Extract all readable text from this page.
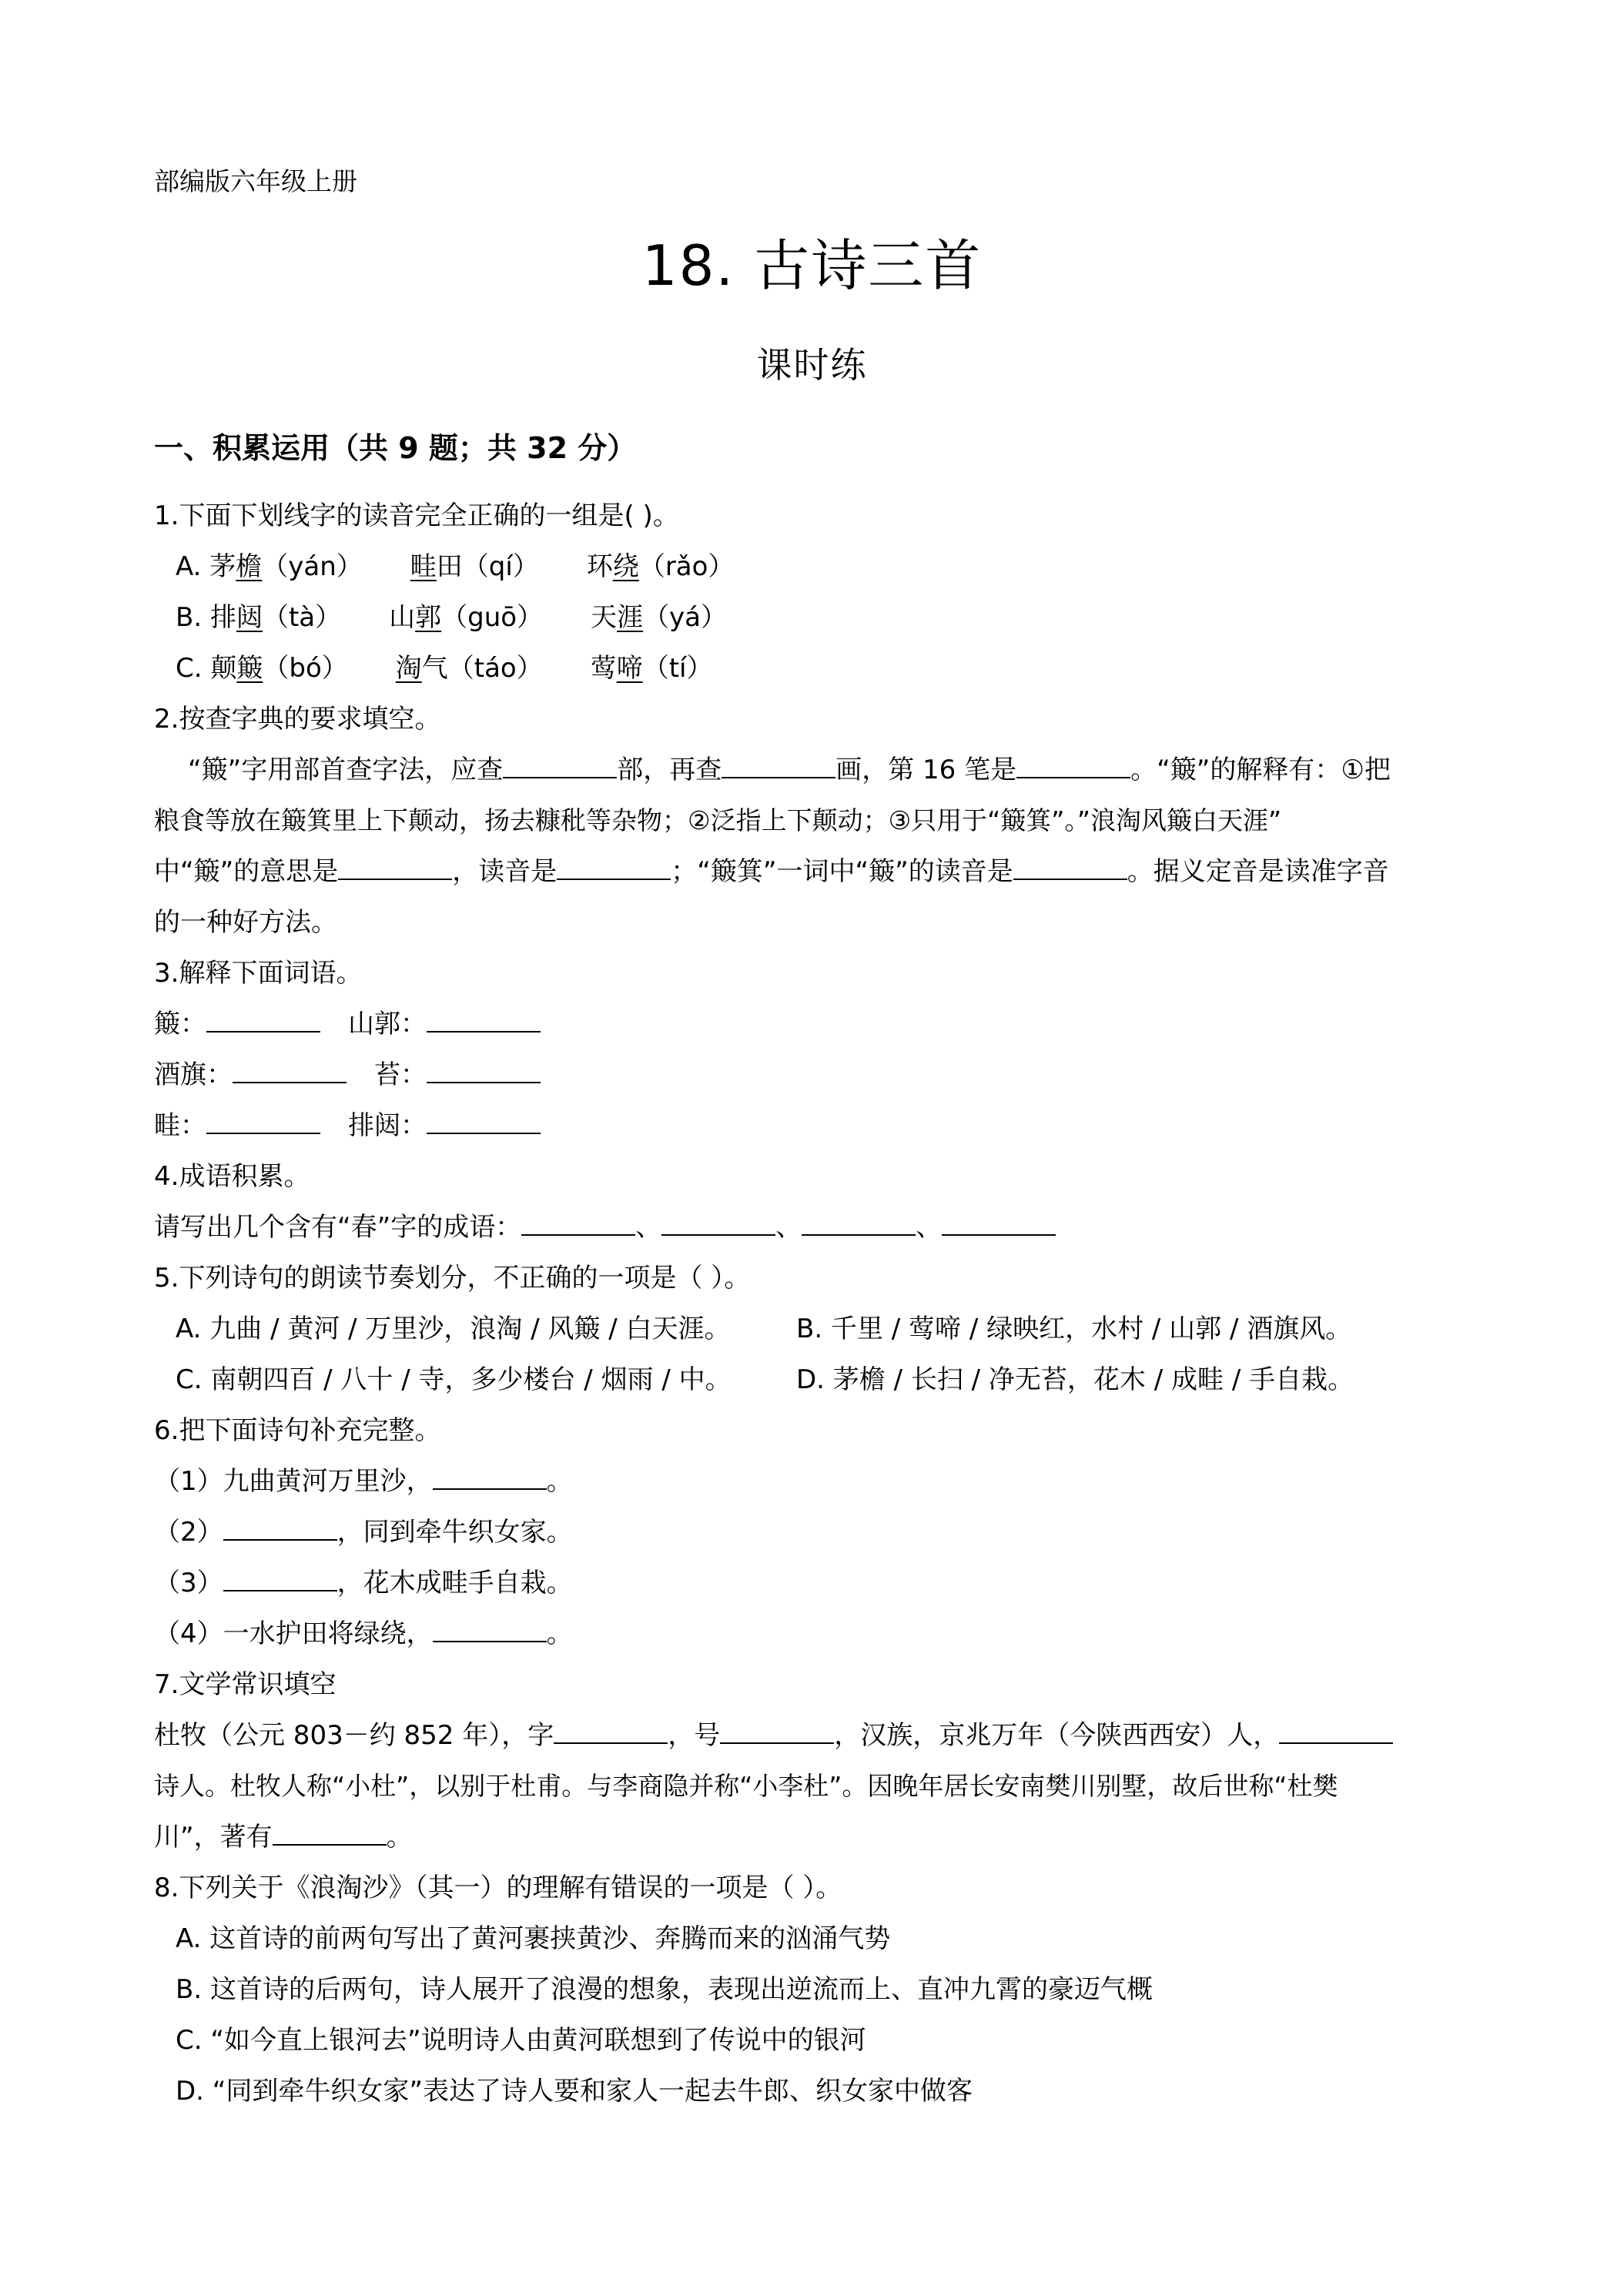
部编版六年级上册

18. 古诗三首

课时练

一、积累运用（共 9 题；共 32 分）

1.下面下划线字的读音完全正确的一组是( )。

A. 茅檐（yán） 畦田（qí） 环绕（rǎo）

B. 排闼（tà） 山郭（guō） 天涯（yá）

C. 颠簸（bó） 淘气（táo） 莺啼（tí）

2.按查字典的要求填空。

“簸”字用部首查字法，应查	部，再查	画，第 16 笔是	。“簸”的解释有：①把

粮食等放在簸箕里上下颠动，扬去糠秕等杂物；②泛指上下颠动；③只用于“簸箕”。”浪淘风簸白天涯”

中“簸”的意思是	，读音是	；“簸箕”一词中“簸”的读音是	。据义定音是读准字音

的一种好方法。

3.解释下面词语。

簸：	山郭：

酒旗：	苔：

畦：	排闼：

4.成语积累。

请写出几个含有“春”字的成语：	、	、	、

5.下列诗句的朗读节奏划分，不正确的一项是（ ）。

A. 九曲 / 黄河 / 万里沙，浪淘 / 风簸 / 白天涯。	B. 千里 / 莺啼 / 绿映红，水村 / 山郭 / 酒旗风。

C. 南朝四百 / 八十 / 寺，多少楼台 / 烟雨 / 中。 D. 茅檐 / 长扫 / 净无苔，花木 / 成畦 / 手自栽。

6.把下面诗句补充完整。

（1）九曲黄河万里沙，	。

（2）	，同到牵牛织女家。

（3）	，花木成畦手自栽。

（4）一水护田将绿绕，	。

7.文学常识填空

杜牧（公元 803－约 852 年），字	，号	，汉族，京兆万年（今陕西西安）人，

诗人。杜牧人称“小杜”，以别于杜甫。与李商隐并称“小李杜”。因晚年居长安南樊川别墅，故后世称“杜樊

川”，著有	。

8.下列关于《浪淘沙》（其一）的理解有错误的一项是（ ）。

A. 这首诗的前两句写出了黄河裹挟黄沙、奔腾而来的汹涌气势

B. 这首诗的后两句，诗人展开了浪漫的想象，表现出逆流而上、直冲九霄的豪迈气概

C. “如今直上银河去”说明诗人由黄河联想到了传说中的银河

D. “同到牵牛织女家”表达了诗人要和家人一起去牛郎、织女家中做客
